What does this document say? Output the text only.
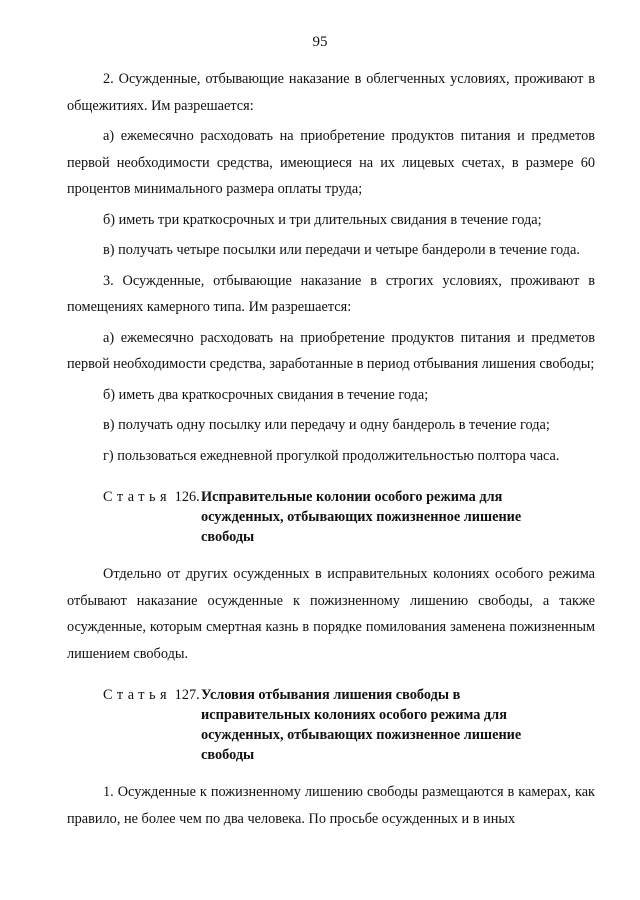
95

2. Осужденные, отбывающие наказание в облегченных условиях, проживают в общежитиях. Им разрешается:

а) ежемесячно расходовать на приобретение продуктов питания и предметов первой необходимости средства, имеющиеся на их лицевых счетах, в размере 60 процентов минимального размера оплаты труда;

б) иметь три краткосрочных и три длительных свидания в течение года;

в) получать четыре посылки или передачи и четыре бандероли в течение года.

3. Осужденные, отбывающие наказание в строгих условиях, проживают в помещениях камерного типа. Им разрешается:

а) ежемесячно расходовать на приобретение продуктов питания и предметов первой необходимости средства, заработанные в период отбывания лишения свободы;

б) иметь два краткосрочных свидания в течение года;

в) получать одну посылку или передачу и одну бандероль в течение года;

г) пользоваться ежедневной прогулкой продолжительностью полтора часа.

Статья 126. Исправительные колонии особого режима для осужденных, отбывающих пожизненное лишение свободы

Отдельно от других осужденных в исправительных колониях особого режима отбывают наказание осужденные к пожизненному лишению свободы, а также осужденные, которым смертная казнь в порядке помилования заменена пожизненным лишением свободы.

Статья 127. Условия отбывания лишения свободы в исправительных колониях особого режима для осужденных, отбывающих пожизненное лишение свободы

1. Осужденные к пожизненному лишению свободы размещаются в камерах, как правило, не более чем по два человека. По просьбе осужденных и в иных
